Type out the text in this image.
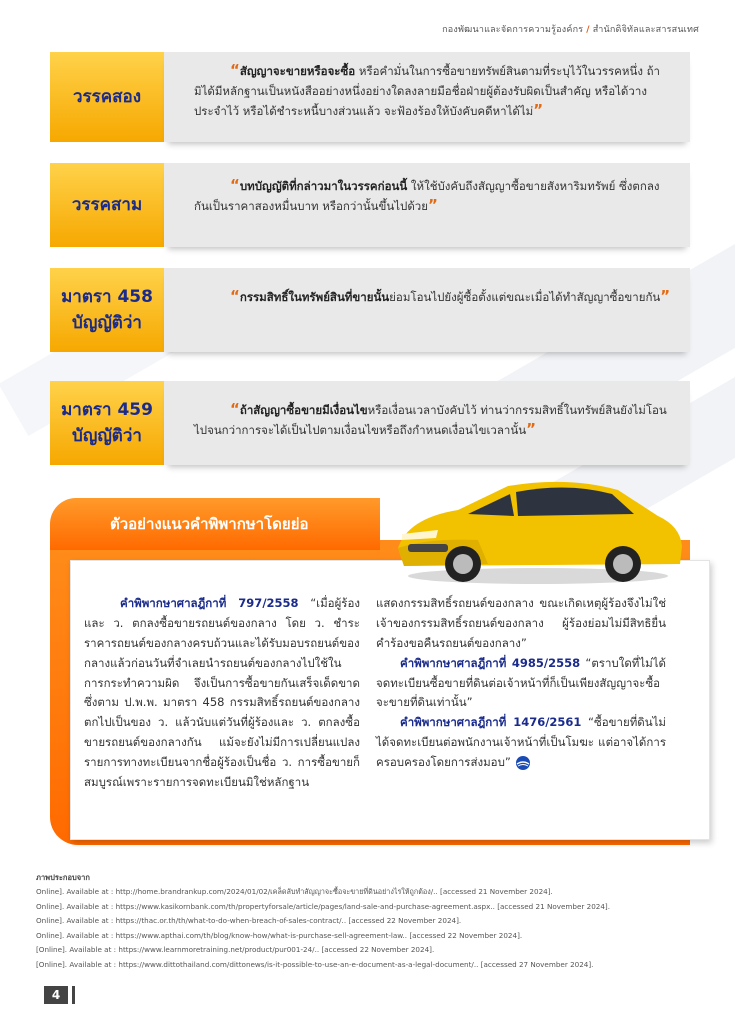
กองพัฒนาและจัดการความรู้องค์กร / สำนักดิจิทัลและสารสนเทศ
วรรคสอง
“สัญญาจะขายหรือจะซื้อ หรือคำมั่นในการซื้อขายทรัพย์สินตามที่ระบุไว้ในวรรคหนึ่ง ถ้ามิได้มีหลักฐานเป็นหนังสืออย่างหนึ่งอย่างใดลงลายมือชื่อฝ่ายผู้ต้องรับผิดเป็นสำคัญ หรือได้วางประจำไว้ หรือได้ชำระหนี้บางส่วนแล้ว จะฟ้องร้องให้บังคับคดีหาได้ไม่”
วรรคสาม
“บทบัญญัติที่กล่าวมาในวรรคก่อนนี้ ให้ใช้บังคับถึงสัญญาซื้อขายสังหาริมทรัพย์ ซึ่งตกลงกันเป็นราคาสองหมื่นบาท หรือกว่านั้นขึ้นไปด้วย”
มาตรา 458
บัญญัติว่า
“กรรมสิทธิ์ในทรัพย์สินที่ขายนั้นย่อมโอนไปยังผู้ซื้อตั้งแต่ขณะเมื่อได้ทำสัญญาซื้อขายกัน”
มาตรา 459
บัญญัติว่า
“ถ้าสัญญาซื้อขายมีเงื่อนไขหรือเงื่อนเวลาบังคับไว้ ท่านว่ากรรมสิทธิ์ในทรัพย์สินยังไม่โอนไปจนกว่าการจะได้เป็นไปตามเงื่อนไขหรือถึงกำหนดเงื่อนไขเวลานั้น”
ตัวอย่างแนวคำพิพากษาโดยย่อ
คำพิพากษาศาลฎีกาที่ 797/2558 “เมื่อผู้ร้องและ ว. ตกลงซื้อขายรถยนต์ของกลาง โดย ว. ชำระราคารถยนต์ของกลางครบถ้วนและได้รับมอบรถยนต์ของกลางแล้วก่อนวันที่จำเลยนำรถยนต์ของกลางไปใช้ในการกระทำความผิด จึงเป็นการซื้อขายกันเสร็จเด็ดขาด ซึ่งตาม ป.พ.พ. มาตรา 458 กรรมสิทธิ์รถยนต์ของกลางตกไปเป็นของ ว. แล้วนับแต่วันที่ผู้ร้องและ ว. ตกลงซื้อขายรถยนต์ของกลางกัน แม้จะยังไม่มีการเปลี่ยนแปลงรายการทางทะเบียนจากชื่อผู้ร้องเป็นชื่อ ว. การซื้อขายก็สมบูรณ์เพราะรายการจดทะเบียนมิใช่หลักฐาน
แสดงกรรมสิทธิ์รถยนต์ของกลาง ขณะเกิดเหตุผู้ร้องจึงไม่ใช่เจ้าของกรรมสิทธิ์รถยนต์ของกลาง ผู้ร้องย่อมไม่มีสิทธิยื่นคำร้องขอคืนรถยนต์ของกลาง”
คำพิพากษาศาลฎีกาที่ 4985/2558 “ตราบใดที่ไม่ได้จดทะเบียนซื้อขายที่ดินต่อเจ้าหน้าที่ก็เป็นเพียงสัญญาจะซื้อจะขายที่ดินเท่านั้น”
คำพิพากษาศาลฎีกาที่ 1476/2561 “ซื้อขายที่ดินไม่ได้จดทะเบียนต่อพนักงานเจ้าหน้าที่เป็นโมฆะ แต่อาจได้การครอบครองโดยการส่งมอบ”
ภาพประกอบจาก
Online]. Available at : http://home.brandrankup.com/2024/01/02/เคล็ดลับทำสัญญาจะซื้อจะขายที่ดินอย่างไรให้ถูกต้อง/.. [accessed 21 November 2024].
Online]. Available at : https://www.kasikornbank.com/th/propertyforsale/article/pages/land-sale-and-purchase-agreement.aspx.. [accessed 21 November 2024].
Online]. Available at : https://thac.or.th/th/what-to-do-when-breach-of-sales-contract/.. [accessed 22 November 2024].
Online]. Available at : https://www.apthai.com/th/blog/know-how/what-is-purchase-sell-agreement-law.. [accessed 22 November 2024].
[Online]. Available at : https://www.learnmoretraining.net/product/pur001-24/.. [accessed 22 November 2024].
[Online]. Available at : https://www.dittothailand.com/dittonews/is-it-possible-to-use-an-e-document-as-a-legal-document/.. [accessed 27 November 2024].
4
